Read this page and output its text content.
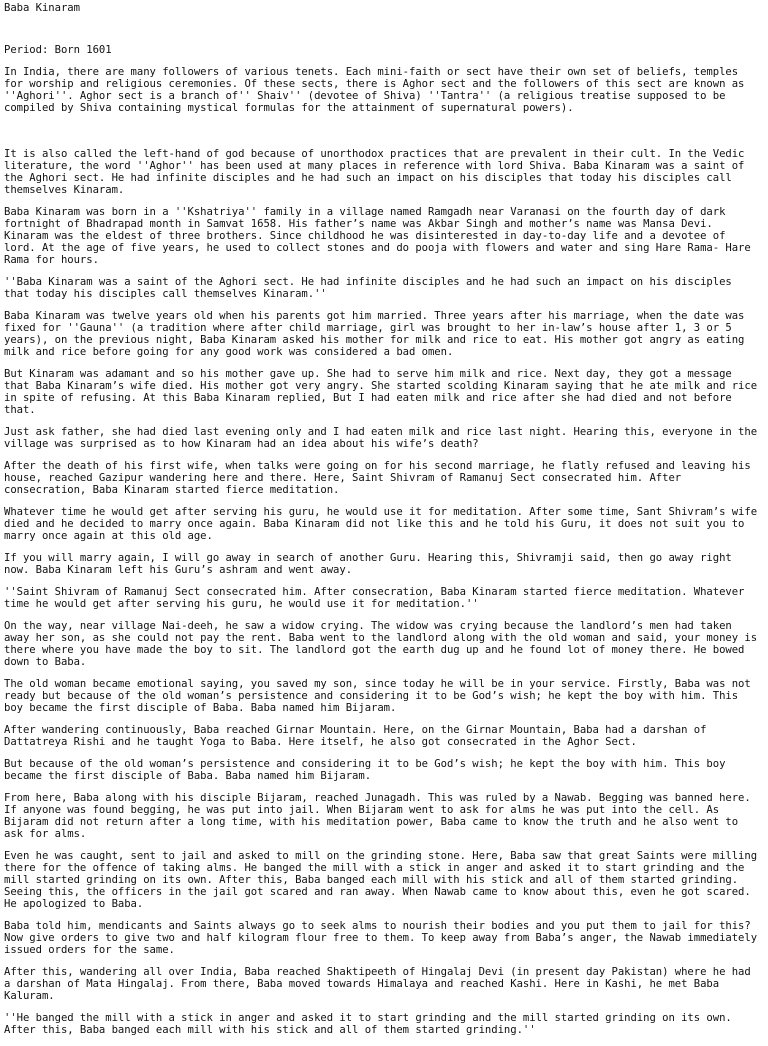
Baba Kinaram

Period: Born 1601

In India, there are many followers of various tenets. Each mini-faith or sect have their own set of beliefs, temples for worship and religious ceremonies. Of these sects, there is Aghor sect and the followers of this sect are known as ''Aghori''. Aghor sect is a branch of'' Shaiv'' (devotee of Shiva) ''Tantra'' (a religious treatise supposed to be compiled by Shiva containing mystical formulas for the attainment of supernatural powers).

It is also called the left-hand of god because of unorthodox practices that are prevalent in their cult. In the Vedic literature, the word ''Aghor'' has been used at many places in reference with lord Shiva. Baba Kinaram was a saint of the Aghori sect. He had infinite disciples and he had such an impact on his disciples that today his disciples call themselves Kinaram.

Baba Kinaram was born in a ''Kshatriya'' family in a village named Ramgadh near Varanasi on the fourth day of dark fortnight of Bhadrapad month in Samvat 1658. His father’s name was Akbar Singh and mother’s name was Mansa Devi. Kinaram was the eldest of three brothers. Since childhood he was disinterested in day-to-day life and a devotee of lord. At the age of five years, he used to collect stones and do pooja with flowers and water and sing Hare Rama- Hare Rama for hours.

''Baba Kinaram was a saint of the Aghori sect. He had infinite disciples and he had such an impact on his disciples that today his disciples call themselves Kinaram.''

Baba Kinaram was twelve years old when his parents got him married. Three years after his marriage, when the date was fixed for ''Gauna'' (a tradition where after child marriage, girl was brought to her in-law’s house after 1, 3 or 5 years), on the previous night, Baba Kinaram asked his mother for milk and rice to eat. His mother got angry as eating milk and rice before going for any good work was considered a bad omen.

But Kinaram was adamant and so his mother gave up. She had to serve him milk and rice. Next day, they got a message that Baba Kinaram’s wife died. His mother got very angry. She started scolding Kinaram saying that he ate milk and rice in spite of refusing. At this Baba Kinaram replied, But I had eaten milk and rice after she had died and not before that.

Just ask father, she had died last evening only and I had eaten milk and rice last night. Hearing this, everyone in the village was surprised as to how Kinaram had an idea about his wife’s death?

After the death of his first wife, when talks were going on for his second marriage, he flatly refused and leaving his house, reached Gazipur wandering here and there. Here, Saint Shivram of Ramanuj Sect consecrated him. After consecration, Baba Kinaram started fierce meditation.

Whatever time he would get after serving his guru, he would use it for meditation. After some time, Sant Shivram’s wife died and he decided to marry once again. Baba Kinaram did not like this and he told his Guru, it does not suit you to marry once again at this old age.

If you will marry again, I will go away in search of another Guru. Hearing this, Shivramji said, then go away right now. Baba Kinaram left his Guru’s ashram and went away.

''Saint Shivram of Ramanuj Sect consecrated him. After consecration, Baba Kinaram started fierce meditation. Whatever time he would get after serving his guru, he would use it for meditation.''

On the way, near village Nai-deeh, he saw a widow crying. The widow was crying because the landlord’s men had taken away her son, as she could not pay the rent. Baba went to the landlord along with the old woman and said, your money is there where you have made the boy to sit. The landlord got the earth dug up and he found lot of money there. He bowed down to Baba.

The old woman became emotional saying, you saved my son, since today he will be in your service. Firstly, Baba was not ready but because of the old woman’s persistence and considering it to be God’s wish; he kept the boy with him. This boy became the first disciple of Baba. Baba named him Bijaram.

After wandering continuously, Baba reached Girnar Mountain. Here, on the Girnar Mountain, Baba had a darshan of Dattatreya Rishi and he taught Yoga to Baba. Here itself, he also got consecrated in the Aghor Sect.

But because of the old woman’s persistence and considering it to be God’s wish; he kept the boy with him. This boy became the first disciple of Baba. Baba named him Bijaram.

From here, Baba along with his disciple Bijaram, reached Junagadh. This was ruled by a Nawab. Begging was banned here. If anyone was found begging, he was put into jail. When Bijaram went to ask for alms he was put into the cell. As Bijaram did not return after a long time, with his meditation power, Baba came to know the truth and he also went to ask for alms.

Even he was caught, sent to jail and asked to mill on the grinding stone. Here, Baba saw that great Saints were milling there for the offence of taking alms. He banged the mill with a stick in anger and asked it to start grinding and the mill started grinding on its own. After this, Baba banged each mill with his stick and all of them started grinding. Seeing this, the officers in the jail got scared and ran away. When Nawab came to know about this, even he got scared. He apologized to Baba.

Baba told him, mendicants and Saints always go to seek alms to nourish their bodies and you put them to jail for this? Now give orders to give two and half kilogram flour free to them. To keep away from Baba’s anger, the Nawab immediately issued orders for the same.

After this, wandering all over India, Baba reached Shaktipeeth of Hingalaj Devi (in present day Pakistan) where he had a darshan of Mata Hingalaj. From there, Baba moved towards Himalaya and reached Kashi. Here in Kashi, he met Baba Kaluram.

''He banged the mill with a stick in anger and asked it to start grinding and the mill started grinding on its own. After this, Baba banged each mill with his stick and all of them started grinding.''
